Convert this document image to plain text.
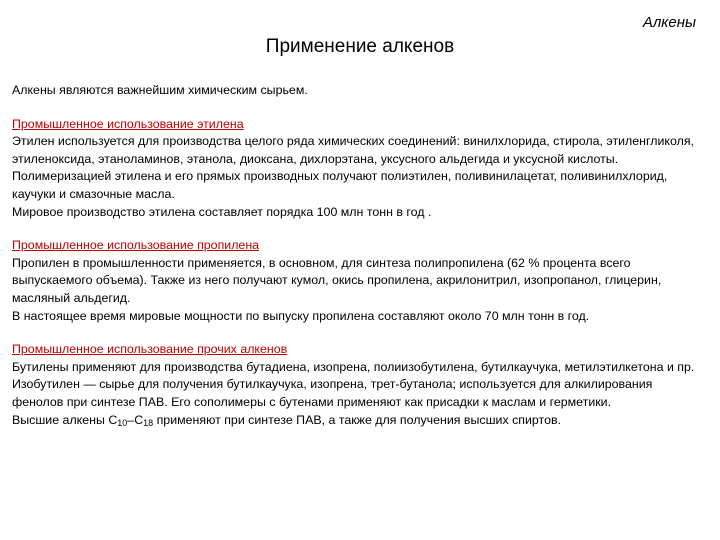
Алкены
Применение алкенов

Алкены являются важнейшим химическим сырьем.

Промышленное использование этилена

Этилен используется для производства целого ряда химических соединений: винилхлорида, стирола, этиленгликоля, этиленоксида, этаноламинов, этанола, диоксана, дихлорэтана, уксусного альдегида и уксусной кислоты. Полимеризацией этилена и его прямых производных получают полиэтилен, поливинилацетат, поливинилхлорид, каучуки и смазочные масла.

Мировое производство этилена составляет порядка 100 млн тонн в год .

Промышленное использование пропилена

Пропилен в промышленности применяется, в основном, для синтеза полипропилена (62 % процента всего выпускаемого объема). Также из него получают кумол, окись пропилена, акрилонитрил, изопропанол, глицерин, масляный альдегид.

В настоящее время мировые мощности по выпуску пропилена составляют около 70 млн тонн в год.

Промышленное использование прочих алкенов

Бутилены применяют для производства бутадиена, изопрена, полиизобутилена, бутилкаучука, метилэтилкетона и пр.

Изобутилен — сырье для получения бутилкаучука, изопрена, трет-бутанола; используется для алкилирования фенолов при синтезе ПАВ. Его сополимеры с бутенами применяют как присадки к маслам и герметики.

Высшие алкены $C_{10}-C_{18}$ применяют при синтезе ПАВ, а также для получения высших спиртов.
